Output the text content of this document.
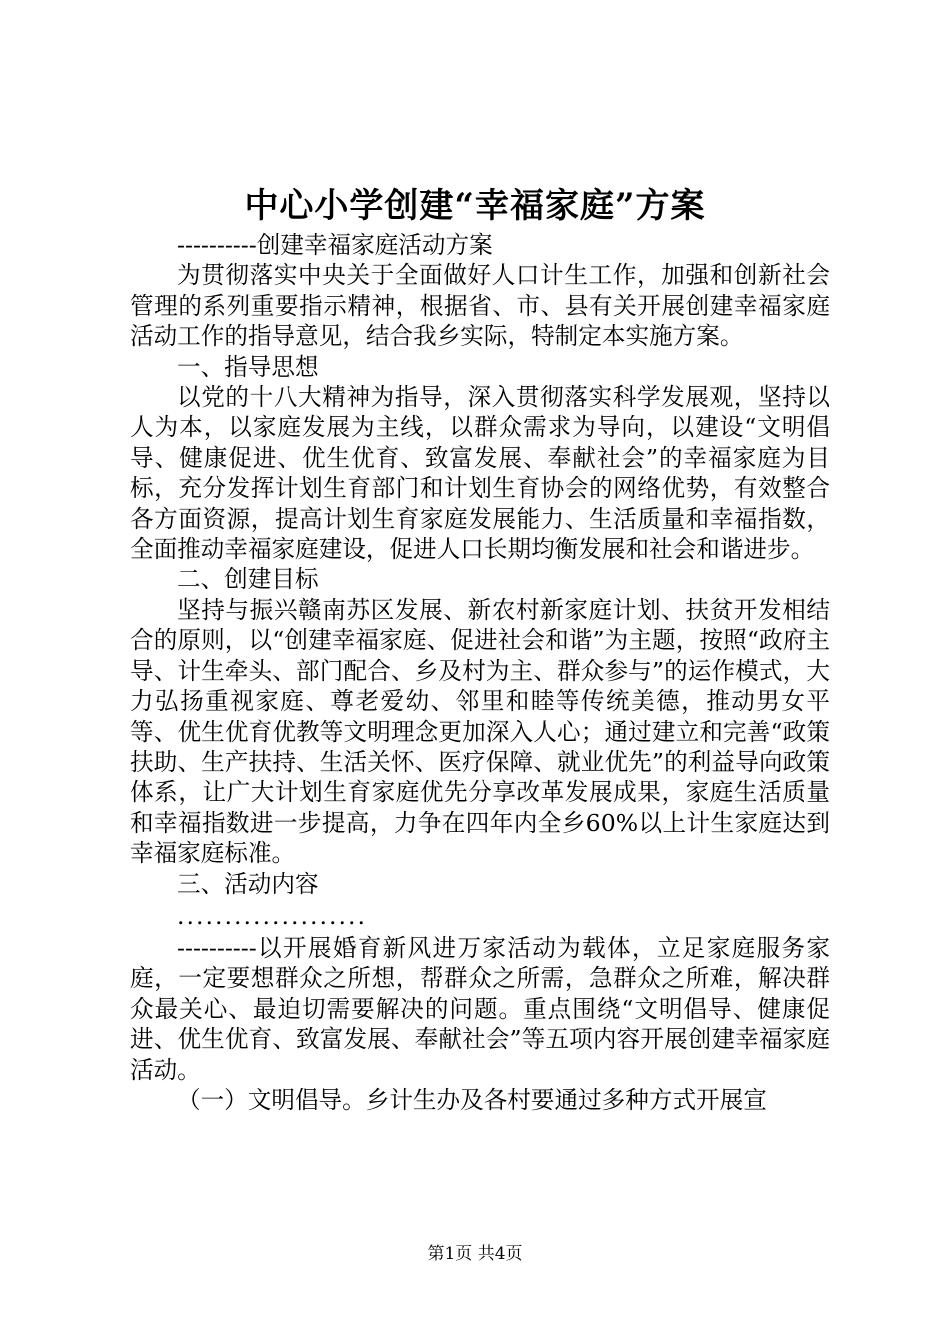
中心小学创建“幸福家庭”方案

----------创建幸福家庭活动方案

为贯彻落实中央关于全面做好人口计生工作，加强和创新社会管理的系列重要指示精神，根据省、市、县有关开展创建幸福家庭活动工作的指导意见，结合我乡实际，特制定本实施方案。

一、指导思想

以党的十八大精神为指导，深入贯彻落实科学发展观，坚持以人为本，以家庭发展为主线，以群众需求为导向，以建设“文明倡导、健康促进、优生优育、致富发展、奉献社会”的幸福家庭为目标，充分发挥计划生育部门和计划生育协会的网络优势，有效整合各方面资源，提高计划生育家庭发展能力、生活质量和幸福指数，全面推动幸福家庭建设，促进人口长期均衡发展和社会和谐进步。

二、创建目标

坚持与振兴赣南苏区发展、新农村新家庭计划、扶贫开发相结合的原则，以“创建幸福家庭、促进社会和谐”为主题，按照“政府主导、计生牵头、部门配合、乡及村为主、群众参与”的运作模式，大力弘扬重视家庭、尊老爱幼、邻里和睦等传统美德，推动男女平等、优生优育优教等文明理念更加深入人心；通过建立和完善“政策扶助、生产扶持、生活关怀、医疗保障、就业优先”的利益导向政策体系，让广大计划生育家庭优先分享改革发展成果，家庭生活质量和幸福指数进一步提高，力争在四年内全乡60%以上计生家庭达到幸福家庭标准。

三、活动内容

....................

----------以开展婚育新风进万家活动为载体，立足家庭服务家庭，一定要想群众之所想，帮群众之所需，急群众之所难，解决群众最关心、最迫切需要解决的问题。重点围绕“文明倡导、健康促进、优生优育、致富发展、奉献社会”等五项内容开展创建幸福家庭活动。

（一）文明倡导。乡计生办及各村要通过多种方式开展宣

第1页 共4页
